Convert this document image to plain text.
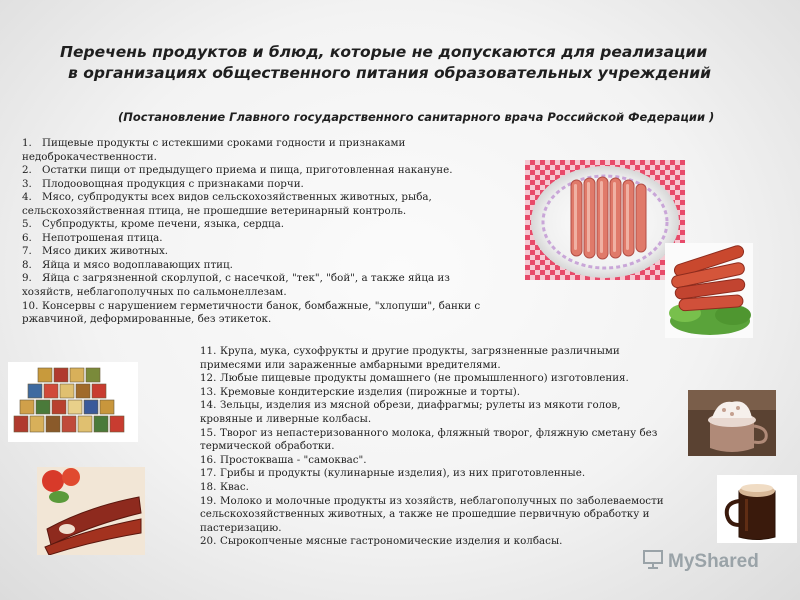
Перечень продуктов и блюд, которые не допускаются для реализации
в организациях общественного питания образовательных учреждений
(Постановление Главного государственного санитарного врача Российской Федерации )
1. Пищевые продукты с истекшими сроками годности и признаками
недоброкачественности.
2. Остатки пищи от предыдущего приема и пища, приготовленная накануне.
3. Плодоовощная продукция с признаками порчи.
4. Мясо, субпродукты всех видов сельскохозяйственных животных, рыба,
сельскохозяйственная птица, не прошедшие ветеринарный контроль.
5. Субпродукты, кроме печени, языка, сердца.
6. Непотрошеная птица.
7. Мясо диких животных.
8. Яйца и мясо водоплавающих птиц.
9. Яйца с загрязненной скорлупой, с насечкой, "тек", "бой", а также яйца из
хозяйств, неблагополучных по сальмонеллезам.
10. Консервы с нарушением герметичности банок, бомбажные, "хлопуши", банки с
ржавчиной, деформированные, без этикеток.
11. Крупа, мука, сухофрукты и другие продукты, загрязненные различными
примесями или зараженные амбарными вредителями.
12. Любые пищевые продукты домашнего (не промышленного) изготовления.
13. Кремовые кондитерские изделия (пирожные и торты).
14. Зельцы, изделия из мясной обрези, диафрагмы; рулеты из мякоти голов,
кровяные и ливерные колбасы.
15. Творог из непастеризованного молока, фляжный творог, фляжную сметану без
термической обработки.
16. Простокваша - "самоквас".
17. Грибы и продукты (кулинарные изделия), из них приготовленные.
18. Квас.
19. Молоко и молочные продукты из хозяйств, неблагополучных по заболеваемости
сельскохозяйственных животных, а также не прошедшие первичную обработку и
пастеризацию.
20. Сырокопченые мясные гастрономические изделия и колбасы.
MyShared
